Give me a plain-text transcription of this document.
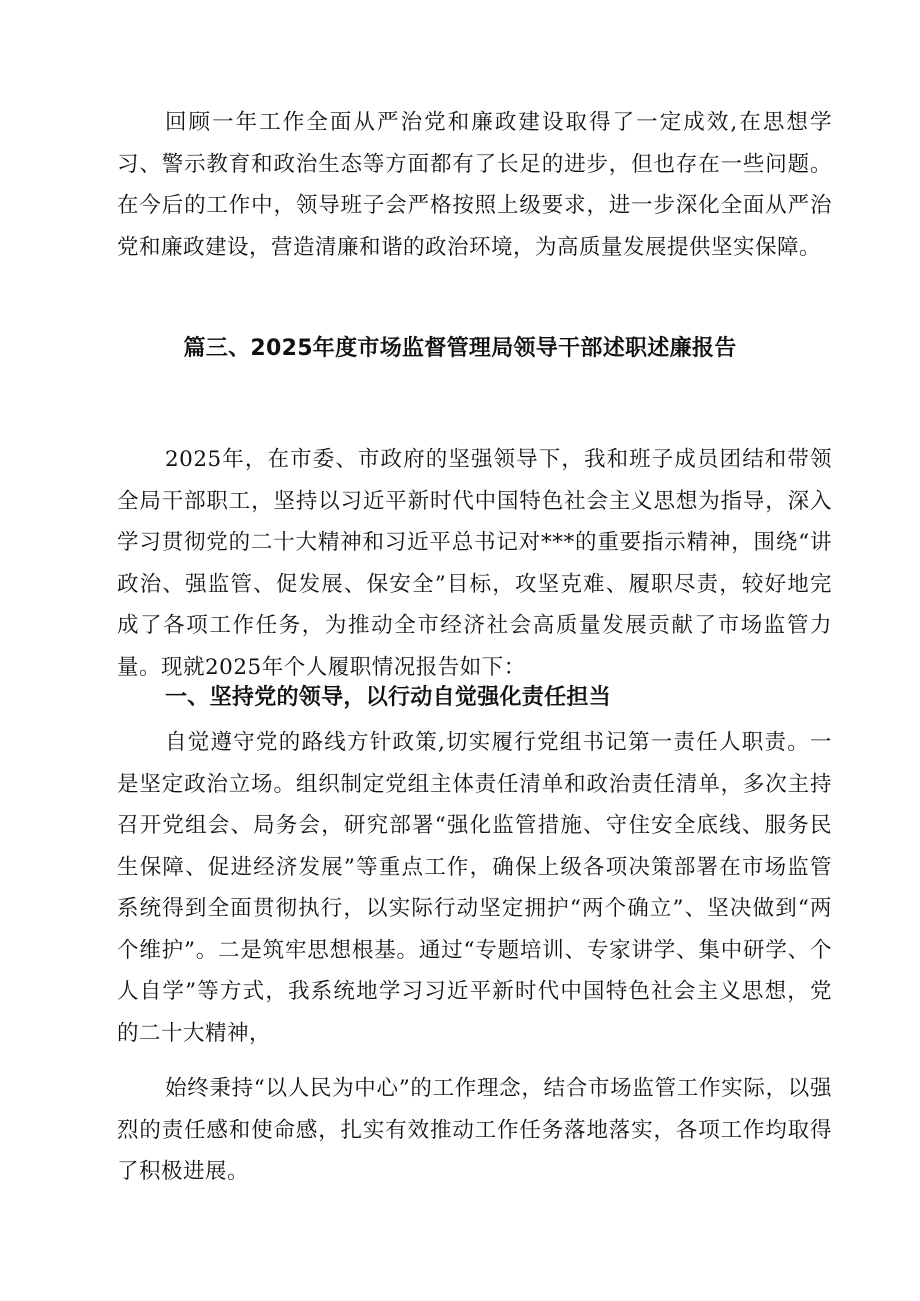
回顾一年工作全面从严治党和廉政建设取得了一定成效,在思想学习、警示教育和政治生态等方面都有了长足的进步，但也存在一些问题。在今后的工作中，领导班子会严格按照上级要求，进一步深化全面从严治党和廉政建设，营造清廉和谐的政治环境，为高质量发展提供坚实保障。

篇三、2025年度市场监督管理局领导干部述职述廉报告

2025年，在市委、市政府的坚强领导下，我和班子成员团结和带领全局干部职工，坚持以习近平新时代中国特色社会主义思想为指导，深入学习贯彻党的二十大精神和习近平总书记对***的重要指示精神，围绕“讲政治、强监管、促发展、保安全”目标，攻坚克难、履职尽责，较好地完成了各项工作任务，为推动全市经济社会高质量发展贡献了市场监管力量。现就2025年个人履职情况报告如下：

一、坚持党的领导，以行动自觉强化责任担当

自觉遵守党的路线方针政策,切实履行党组书记第一责任人职责。一是坚定政治立场。组织制定党组主体责任清单和政治责任清单，多次主持召开党组会、局务会，研究部署“强化监管措施、守住安全底线、服务民生保障、促进经济发展”等重点工作，确保上级各项决策部署在市场监管系统得到全面贯彻执行，以实际行动坚定拥护“两个确立”、坚决做到“两个维护”。二是筑牢思想根基。通过“专题培训、专家讲学、集中研学、个人自学”等方式，我系统地学习习近平新时代中国特色社会主义思想，党的二十大精神，

始终秉持“以人民为中心”的工作理念，结合市场监管工作实际，以强烈的责任感和使命感，扎实有效推动工作任务落地落实，各项工作均取得了积极进展。
